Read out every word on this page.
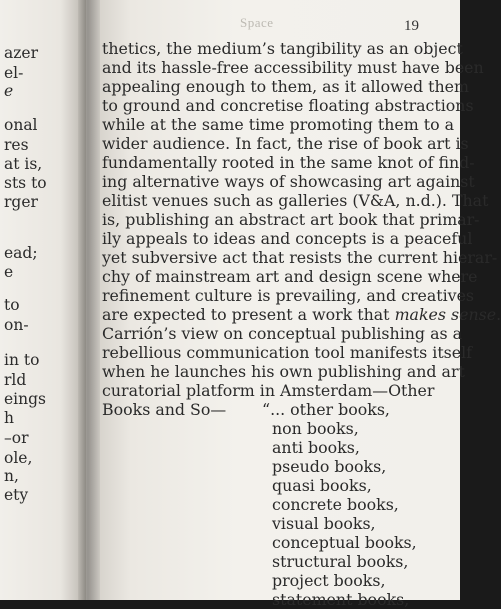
azer
el-
e
onal
res
at is,
sts to
rger
ead;
e
to
on-
in to
rld
eings
h
–or
ole,
n,
ety
Space	19
thetics, the medium’s tangibility as an object
and its hassle-free accessibility must have been
appealing enough to them, as it allowed them
to ground and concretise floating abstractions
while at the same time promoting them to a
wider audience. In fact, the rise of book art is
fundamentally rooted in the same knot of find-
ing alternative ways of showcasing art against
elitist venues such as galleries (V&A, n.d.). That
is, publishing an abstract art book that primar-
ily appeals to ideas and concepts is a peaceful
yet subversive act that resists the current hierar-
chy of mainstream art and design scene where
refinement culture is prevailing, and creatives
are expected to present a work that makes sense.
Carrión’s view on conceptual publishing as a
rebellious communication tool manifests itself
when he launches his own publishing and art
curatorial platform in Amsterdam—Other
Books and So— “... other books,
non books,
anti books,
pseudo books,
quasi books,
concrete books,
visual books,
conceptual books,
structural books,
project books,
statement books,
